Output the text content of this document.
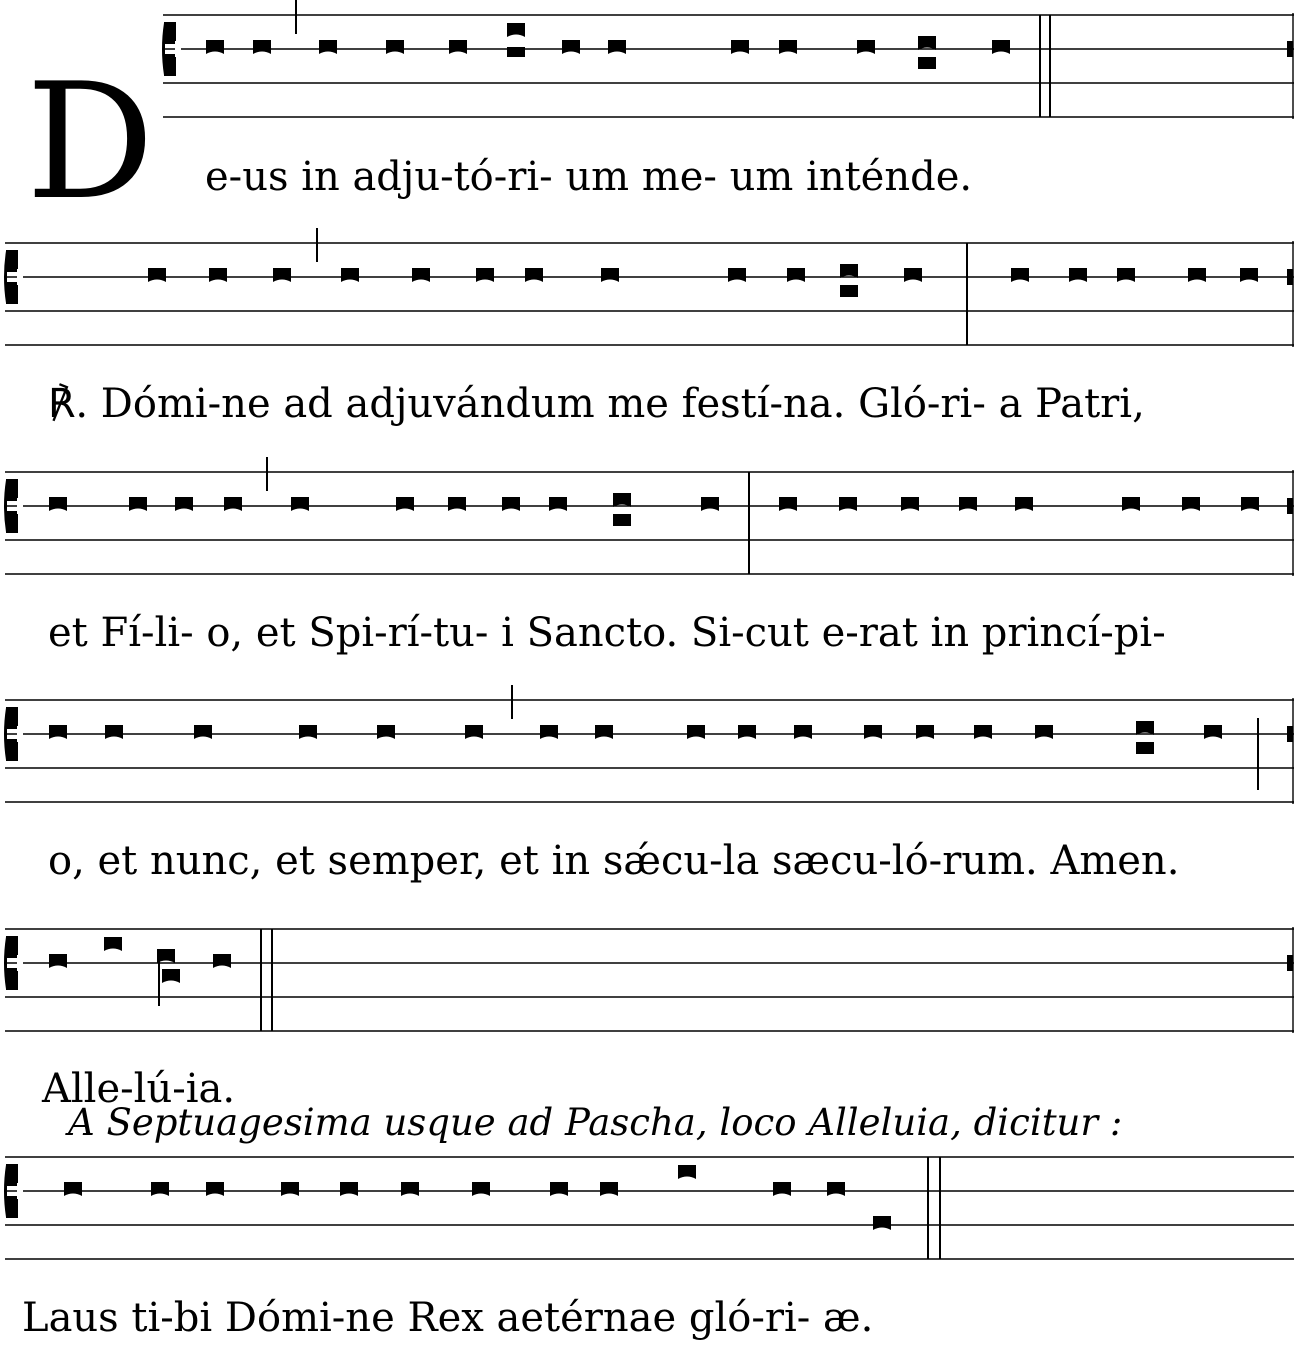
D e-us in adju-tó-ri- um me- um inténde.
℟. Dómi-ne ad adjuvándum me festí-na. Gló-ri- a Patri,
et Fí-li- o, et Spi-rí-tu- i Sancto. Si-cut e-rat in princí-pi-
o, et nunc, et semper, et in sǽcu-la sæcu-ló-rum. Amen.
Alle-lú-ia.
A Septuagesima usque ad Pascha, loco Alleluia, dicitur :
Laus ti-bi Dómi-ne Rex aetérnae gló-ri- æ.
